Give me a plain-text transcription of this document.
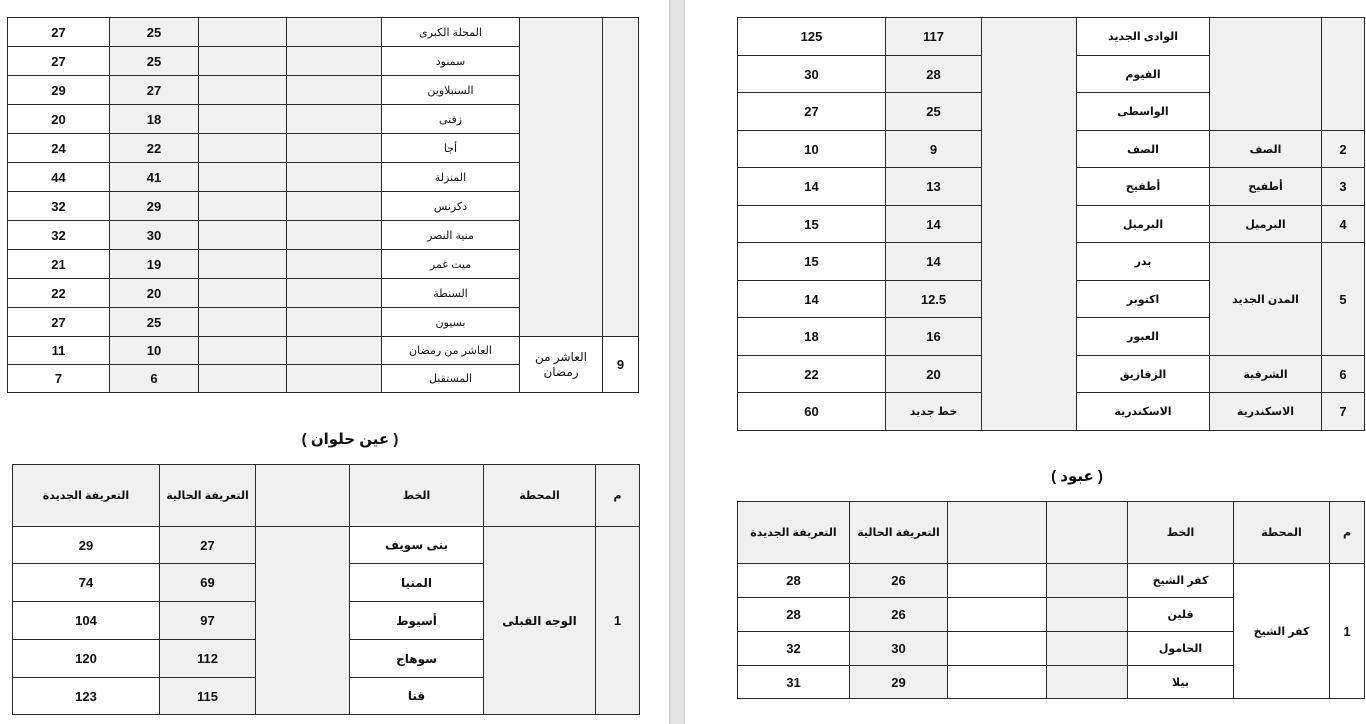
27	25			المحلة الكبرى		
27	25			سمنود		
29	27			السنبلاوين		
20	18			زفتى		
24	22			أجا		
44	41			المنزلة		
32	29			دكرنس		
32	30			منية النصر		
21	19			ميت غمر		
22	20			السنطة		
27	25			بسيون		
11	10			العاشر من رمضان	العاشر من رمضان	9
7	6			المستقبل		
( عين حلوان )
التعريفة الجديدة	التعريفة الحالية		الخط	المحطة	م
29	27		بنى سويف	الوجه القبلى	1
74	69		المنيا		
104	97		أسيوط		
120	112		سوهاج		
123	115		قنا		
125	117		الوادى الجديد		
30	28		الفيوم		
27	25		الواسطى		
10	9		الصف	الصف	2
14	13		أطفيح	أطفيح	3
15	14		البرميل	البرميل	4
15	14		بدر	المدن الجديد	5
14	12.5		اكتوبر		
18	16		العبور		
22	20		الزقازيق	الشرقية	6
60	خط جديد		الاسكندرية	الاسكندرية	7
( عبود )
التعريفة الجديدة	التعريفة الحالية			الخط	المحطة	م
28	26			كفر الشيخ	كفر الشيخ	1
28	26			قلين		
32	30			الحامول		
31	29			بيلا		
